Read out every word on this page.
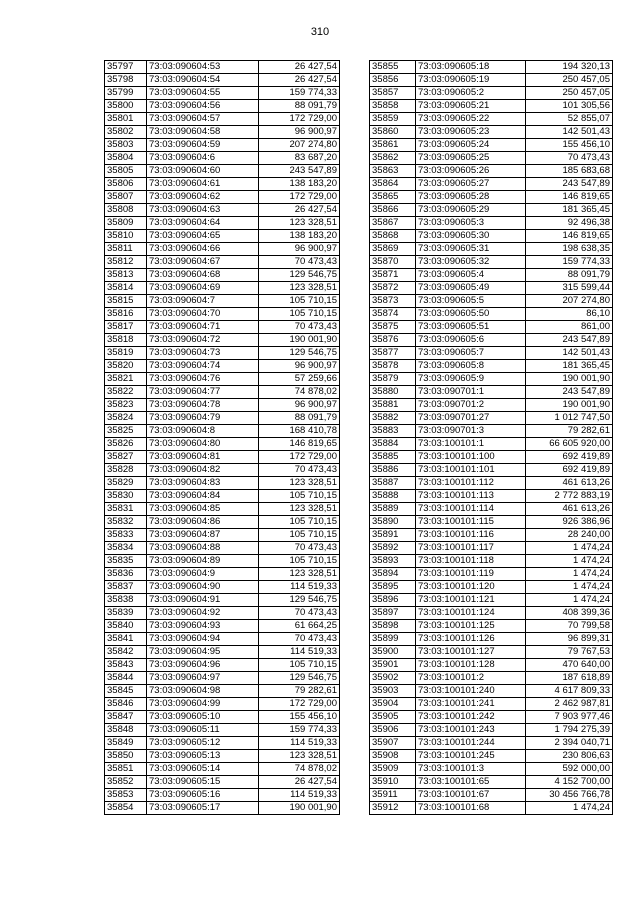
310
35797	73:03:090604:53	26 427,54
35798	73:03:090604:54	26 427,54
35799	73:03:090604:55	159 774,33
35800	73:03:090604:56	88 091,79
35801	73:03:090604:57	172 729,00
35802	73:03:090604:58	96 900,97
35803	73:03:090604:59	207 274,80
35804	73:03:090604:6	83 687,20
35805	73:03:090604:60	243 547,89
35806	73:03:090604:61	138 183,20
35807	73:03:090604:62	172 729,00
35808	73:03:090604:63	26 427,54
35809	73:03:090604:64	123 328,51
35810	73:03:090604:65	138 183,20
35811	73:03:090604:66	96 900,97
35812	73:03:090604:67	70 473,43
35813	73:03:090604:68	129 546,75
35814	73:03:090604:69	123 328,51
35815	73:03:090604:7	105 710,15
35816	73:03:090604:70	105 710,15
35817	73:03:090604:71	70 473,43
35818	73:03:090604:72	190 001,90
35819	73:03:090604:73	129 546,75
35820	73:03:090604:74	96 900,97
35821	73:03:090604:76	57 259,66
35822	73:03:090604:77	74 878,02
35823	73:03:090604:78	96 900,97
35824	73:03:090604:79	88 091,79
35825	73:03:090604:8	168 410,78
35826	73:03:090604:80	146 819,65
35827	73:03:090604:81	172 729,00
35828	73:03:090604:82	70 473,43
35829	73:03:090604:83	123 328,51
35830	73:03:090604:84	105 710,15
35831	73:03:090604:85	123 328,51
35832	73:03:090604:86	105 710,15
35833	73:03:090604:87	105 710,15
35834	73:03:090604:88	70 473,43
35835	73:03:090604:89	105 710,15
35836	73:03:090604:9	123 328,51
35837	73:03:090604:90	114 519,33
35838	73:03:090604:91	129 546,75
35839	73:03:090604:92	70 473,43
35840	73:03:090604:93	61 664,25
35841	73:03:090604:94	70 473,43
35842	73:03:090604:95	114 519,33
35843	73:03:090604:96	105 710,15
35844	73:03:090604:97	129 546,75
35845	73:03:090604:98	79 282,61
35846	73:03:090604:99	172 729,00
35847	73:03:090605:10	155 456,10
35848	73:03:090605:11	159 774,33
35849	73:03:090605:12	114 519,33
35850	73:03:090605:13	123 328,51
35851	73:03:090605:14	74 878,02
35852	73:03:090605:15	26 427,54
35853	73:03:090605:16	114 519,33
35854	73:03:090605:17	190 001,90
35855	73:03:090605:18	194 320,13
35856	73:03:090605:19	250 457,05
35857	73:03:090605:2	250 457,05
35858	73:03:090605:21	101 305,56
35859	73:03:090605:22	52 855,07
35860	73:03:090605:23	142 501,43
35861	73:03:090605:24	155 456,10
35862	73:03:090605:25	70 473,43
35863	73:03:090605:26	185 683,68
35864	73:03:090605:27	243 547,89
35865	73:03:090605:28	146 819,65
35866	73:03:090605:29	181 365,45
35867	73:03:090605:3	92 496,38
35868	73:03:090605:30	146 819,65
35869	73:03:090605:31	198 638,35
35870	73:03:090605:32	159 774,33
35871	73:03:090605:4	88 091,79
35872	73:03:090605:49	315 599,44
35873	73:03:090605:5	207 274,80
35874	73:03:090605:50	86,10
35875	73:03:090605:51	861,00
35876	73:03:090605:6	243 547,89
35877	73:03:090605:7	142 501,43
35878	73:03:090605:8	181 365,45
35879	73:03:090605:9	190 001,90
35880	73:03:090701:1	243 547,89
35881	73:03:090701:2	190 001,90
35882	73:03:090701:27	1 012 747,50
35883	73:03:090701:3	79 282,61
35884	73:03:100101:1	66 605 920,00
35885	73:03:100101:100	692 419,89
35886	73:03:100101:101	692 419,89
35887	73:03:100101:112	461 613,26
35888	73:03:100101:113	2 772 883,19
35889	73:03:100101:114	461 613,26
35890	73:03:100101:115	926 386,96
35891	73:03:100101:116	28 240,00
35892	73:03:100101:117	1 474,24
35893	73:03:100101:118	1 474,24
35894	73:03:100101:119	1 474,24
35895	73:03:100101:120	1 474,24
35896	73:03:100101:121	1 474,24
35897	73:03:100101:124	408 399,36
35898	73:03:100101:125	70 799,58
35899	73:03:100101:126	96 899,31
35900	73:03:100101:127	79 767,53
35901	73:03:100101:128	470 640,00
35902	73:03:100101:2	187 618,89
35903	73:03:100101:240	4 617 809,33
35904	73:03:100101:241	2 462 987,81
35905	73:03:100101:242	7 903 977,46
35906	73:03:100101:243	1 794 275,39
35907	73:03:100101:244	2 394 040,71
35908	73:03:100101:245	230 806,63
35909	73:03:100101:3	592 000,00
35910	73:03:100101:65	4 152 700,00
35911	73:03:100101:67	30 456 766,78
35912	73:03:100101:68	1 474,24
